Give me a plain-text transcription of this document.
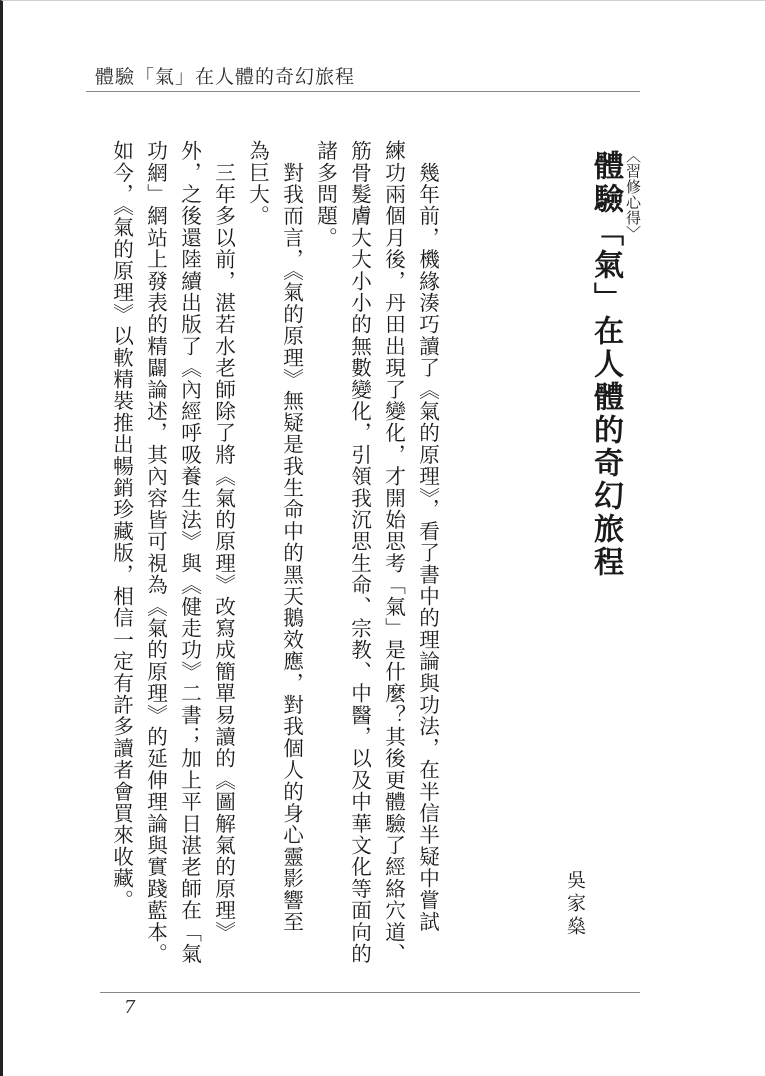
體驗「氣」在人體的奇幻旅程
〈習修心得〉
體驗「氣」在人體的奇幻旅程
吳家燊
　幾年前，機緣湊巧讀了《氣的原理》，看了書中的理論與功法，在半信半疑中嘗試
練功兩個月後，丹田出現了變化，才開始思考「氣」是什麼？其後更體驗了經絡穴道、
筋骨髮膚大大小小的無數變化，引領我沉思生命、宗教、中醫，以及中華文化等面向的
諸多問題。
　對我而言，《氣的原理》無疑是我生命中的黑天鵝效應，對我個人的身心靈影響至
為巨大。
　三年多以前，湛若水老師除了將《氣的原理》改寫成簡單易讀的《圖解氣的原理》
外，之後還陸續出版了《內經呼吸養生法》與《健走功》二書；加上平日湛老師在「氣
功網」網站上發表的精闢論述，其內容皆可視為《氣的原理》的延伸理論與實踐藍本。
如今，《氣的原理》以軟精裝推出暢銷珍藏版，相信一定有許多讀者會買來收藏。
7
